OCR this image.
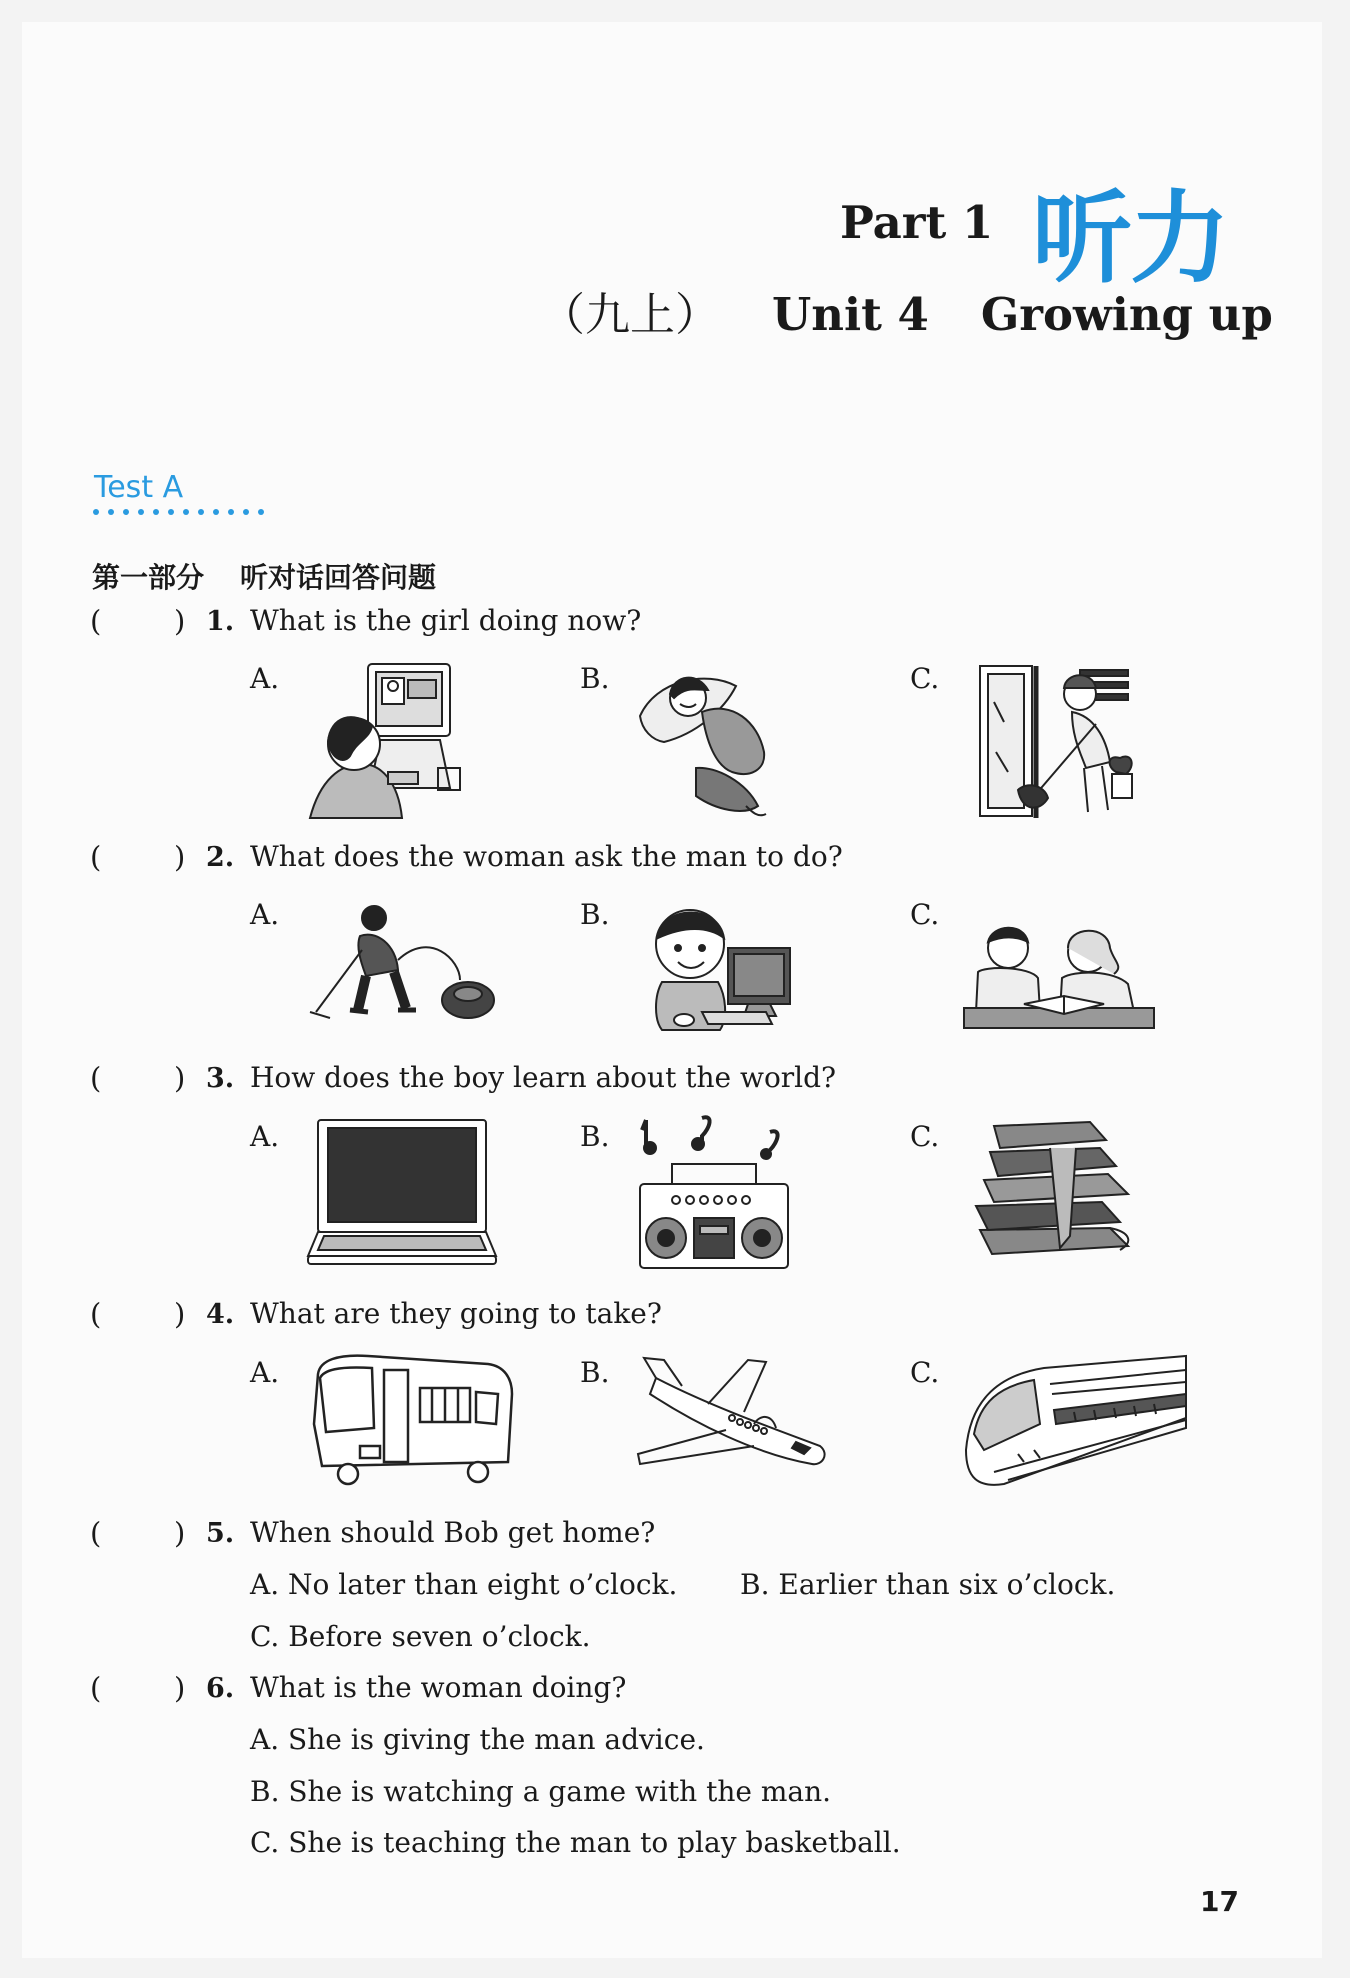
Part 1 听力
（九上） Unit 4 Growing up
Test A
第一部分 听对话回答问题
(	) 1. What is the girl doing now?
A.	B.	C.
(	) 2. What does the woman ask the man to do?
A.	B.	C.
(	) 3. How does the boy learn about the world?
A.	B.	C.
(	) 4. What are they going to take?
A.	B.	C.
(	) 5. When should Bob get home?
A. No later than eight o’clock. B. Earlier than six o’clock.
C. Before seven o’clock.
(	) 6. What is the woman doing?
A. She is giving the man advice.
B. She is watching a game with the man.
C. She is teaching the man to play basketball.
17
